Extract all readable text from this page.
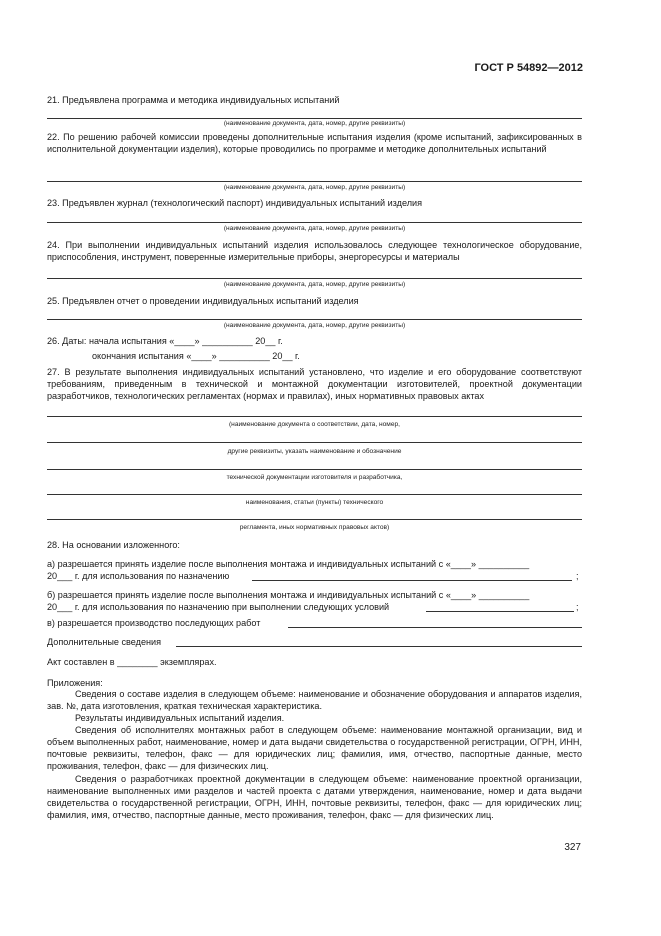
ГОСТ Р 54892—2012
21. Предъявлена программа и методика индивидуальных испытаний
(наименование документа, дата, номер, другие реквизиты)
22. По решению рабочей комиссии проведены дополнительные испытания изделия (кроме испытаний, зафиксированных в исполнительной документации изделия), которые проводились по программе и методике дополнительных испытаний
(наименование документа, дата, номер, другие реквизиты)
23. Предъявлен журнал (технологический паспорт) индивидуальных испытаний изделия
(наименование документа, дата, номер, другие реквизиты)
24. При выполнении индивидуальных испытаний изделия использовалось следующее технологическое оборудование, приспособления, инструмент, поверенные измерительные приборы, энергоресурсы и материалы
(наименование документа, дата, номер, другие реквизиты)
25. Предъявлен отчет о проведении индивидуальных испытаний изделия
(наименование документа, дата, номер, другие реквизиты)
26. Даты: начала испытания «____» __________ 20__ г.
окончания испытания «____» __________ 20__ г.
27. В результате выполнения индивидуальных испытаний установлено, что изделие и его оборудование соответствуют требованиям, приведенным в технической и монтажной документации изготовителей, проектной документации разработчиков, технологических регламентах (нормах и правилах), иных нормативных правовых актах
(наименование документа о соответствии, дата, номер,
другие реквизиты, указать наименование и обозначение
технической документации изготовителя и разработчика,
наименования, статьи (пункты) технического
регламента, иных нормативных правовых актов)
28. На основании изложенного:
а) разрешается принять изделие после выполнения монтажа и индивидуальных испытаний с «____» __________
20___ г. для использования по назначению	;
б) разрешается принять изделие после выполнения монтажа и индивидуальных испытаний с «____» __________
20___ г. для использования по назначению при выполнении следующих условий	;
в) разрешается производство последующих работ
Дополнительные сведения
Акт составлен в ________ экземплярах.
Приложения:
Сведения о составе изделия в следующем объеме: наименование и обозначение оборудования и аппаратов изделия, зав. №, дата изготовления, краткая техническая характеристика.
Результаты индивидуальных испытаний изделия.
Сведения об исполнителях монтажных работ в следующем объеме: наименование монтажной организации, вид и объем выполненных работ, наименование, номер и дата выдачи свидетельства о государственной регистрации, ОГРН, ИНН, почтовые реквизиты, телефон, факс — для юридических лиц; фамилия, имя, отчество, паспортные данные, место проживания, телефон, факс — для физических лиц.
Сведения о разработчиках проектной документации в следующем объеме: наименование проектной организации, наименование выполненных ими разделов и частей проекта с датами утверждения, наименование, номер и дата выдачи свидетельства о государственной регистрации, ОГРН, ИНН, почтовые реквизиты, телефон, факс — для юридических лиц; фамилия, имя, отчество, паспортные данные, место проживания, телефон, факс — для физических лиц.
327
